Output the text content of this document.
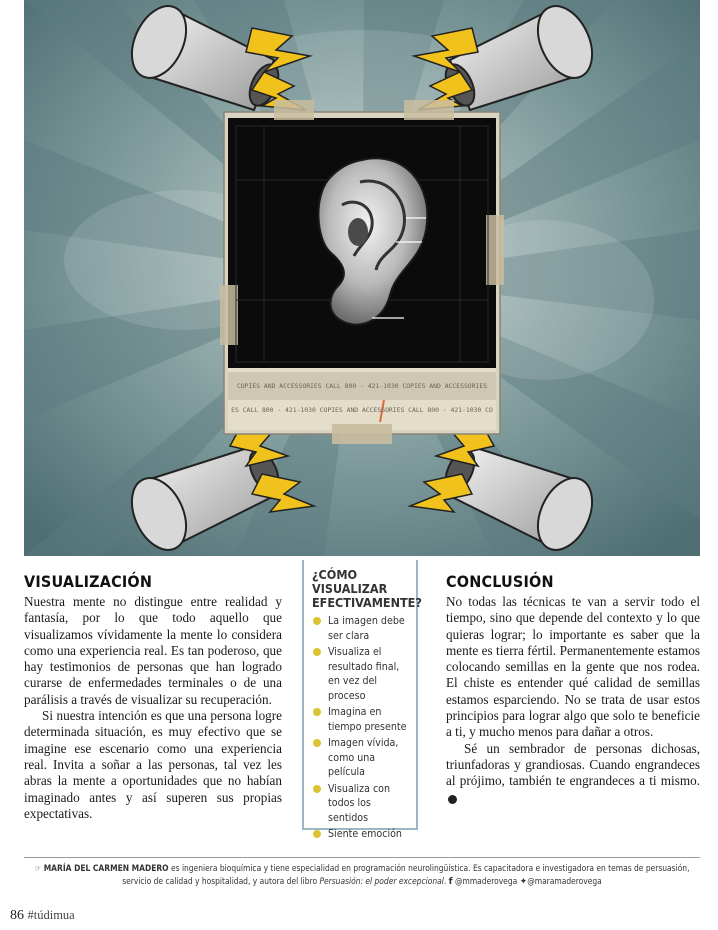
COPIES AND ACCESSORIES CALL 800 · 421-1030 COPIES AND ACCESSORIES
ES CALL 800 · 421-1030 COPIES AND ACCESSORIES CALL 800 · 421-1030 CO
VISUALIZACIÓN

Nuestra mente no distingue entre realidad y fantasía, por lo que todo aquello que visualizamos vívidamente la mente lo considera como una experiencia real. Es tan poderoso, que hay testimonios de personas que han logrado curarse de enfermedades terminales o de una parálisis a través de visualizar su recuperación.

Si nuestra intención es que una persona logre determinada situación, es muy efectivo que se imagine ese escenario como una experiencia real. Invita a soñar a las personas, tal vez les abras la mente a oportunidades que no habían imaginado antes y así superen sus propias expectativas.

¿CÓMO VISUALIZAR EFECTIVAMENTE?
La imagen debe ser clara
Visualiza el resultado final, en vez del proceso
Imagina en tiempo presente
Imagen vívida, como una película
Visualiza con todos los sentidos
Siente emoción
CONCLUSIÓN

No todas las técnicas te van a servir todo el tiempo, sino que depende del contexto y lo que quieras lograr; lo importante es saber que la mente es tierra fértil. Permanentemente estamos colocando semillas en la gente que nos rodea. El chiste es entender qué calidad de semillas estamos esparciendo. No se trata de usar estos principios para lograr algo que solo te beneficie a ti, y mucho menos para dañar a otros.

Sé un sembrador de personas dichosas, triunfadoras y grandiosas. Cuando engrandeces al prójimo, también te engrandeces a ti mismo.TÚ

☞ MARÍA DEL CARMEN MADERO es ingeniera bioquímica y tiene especialidad en programación neurolingüística. Es capacitadora e investigadora en temas de persuasión,
servicio de calidad y hospitalidad, y autora del libro Persuasión: el poder excepcional. f @mmaderovega ✦@maramaderovega
86 #túdimua
